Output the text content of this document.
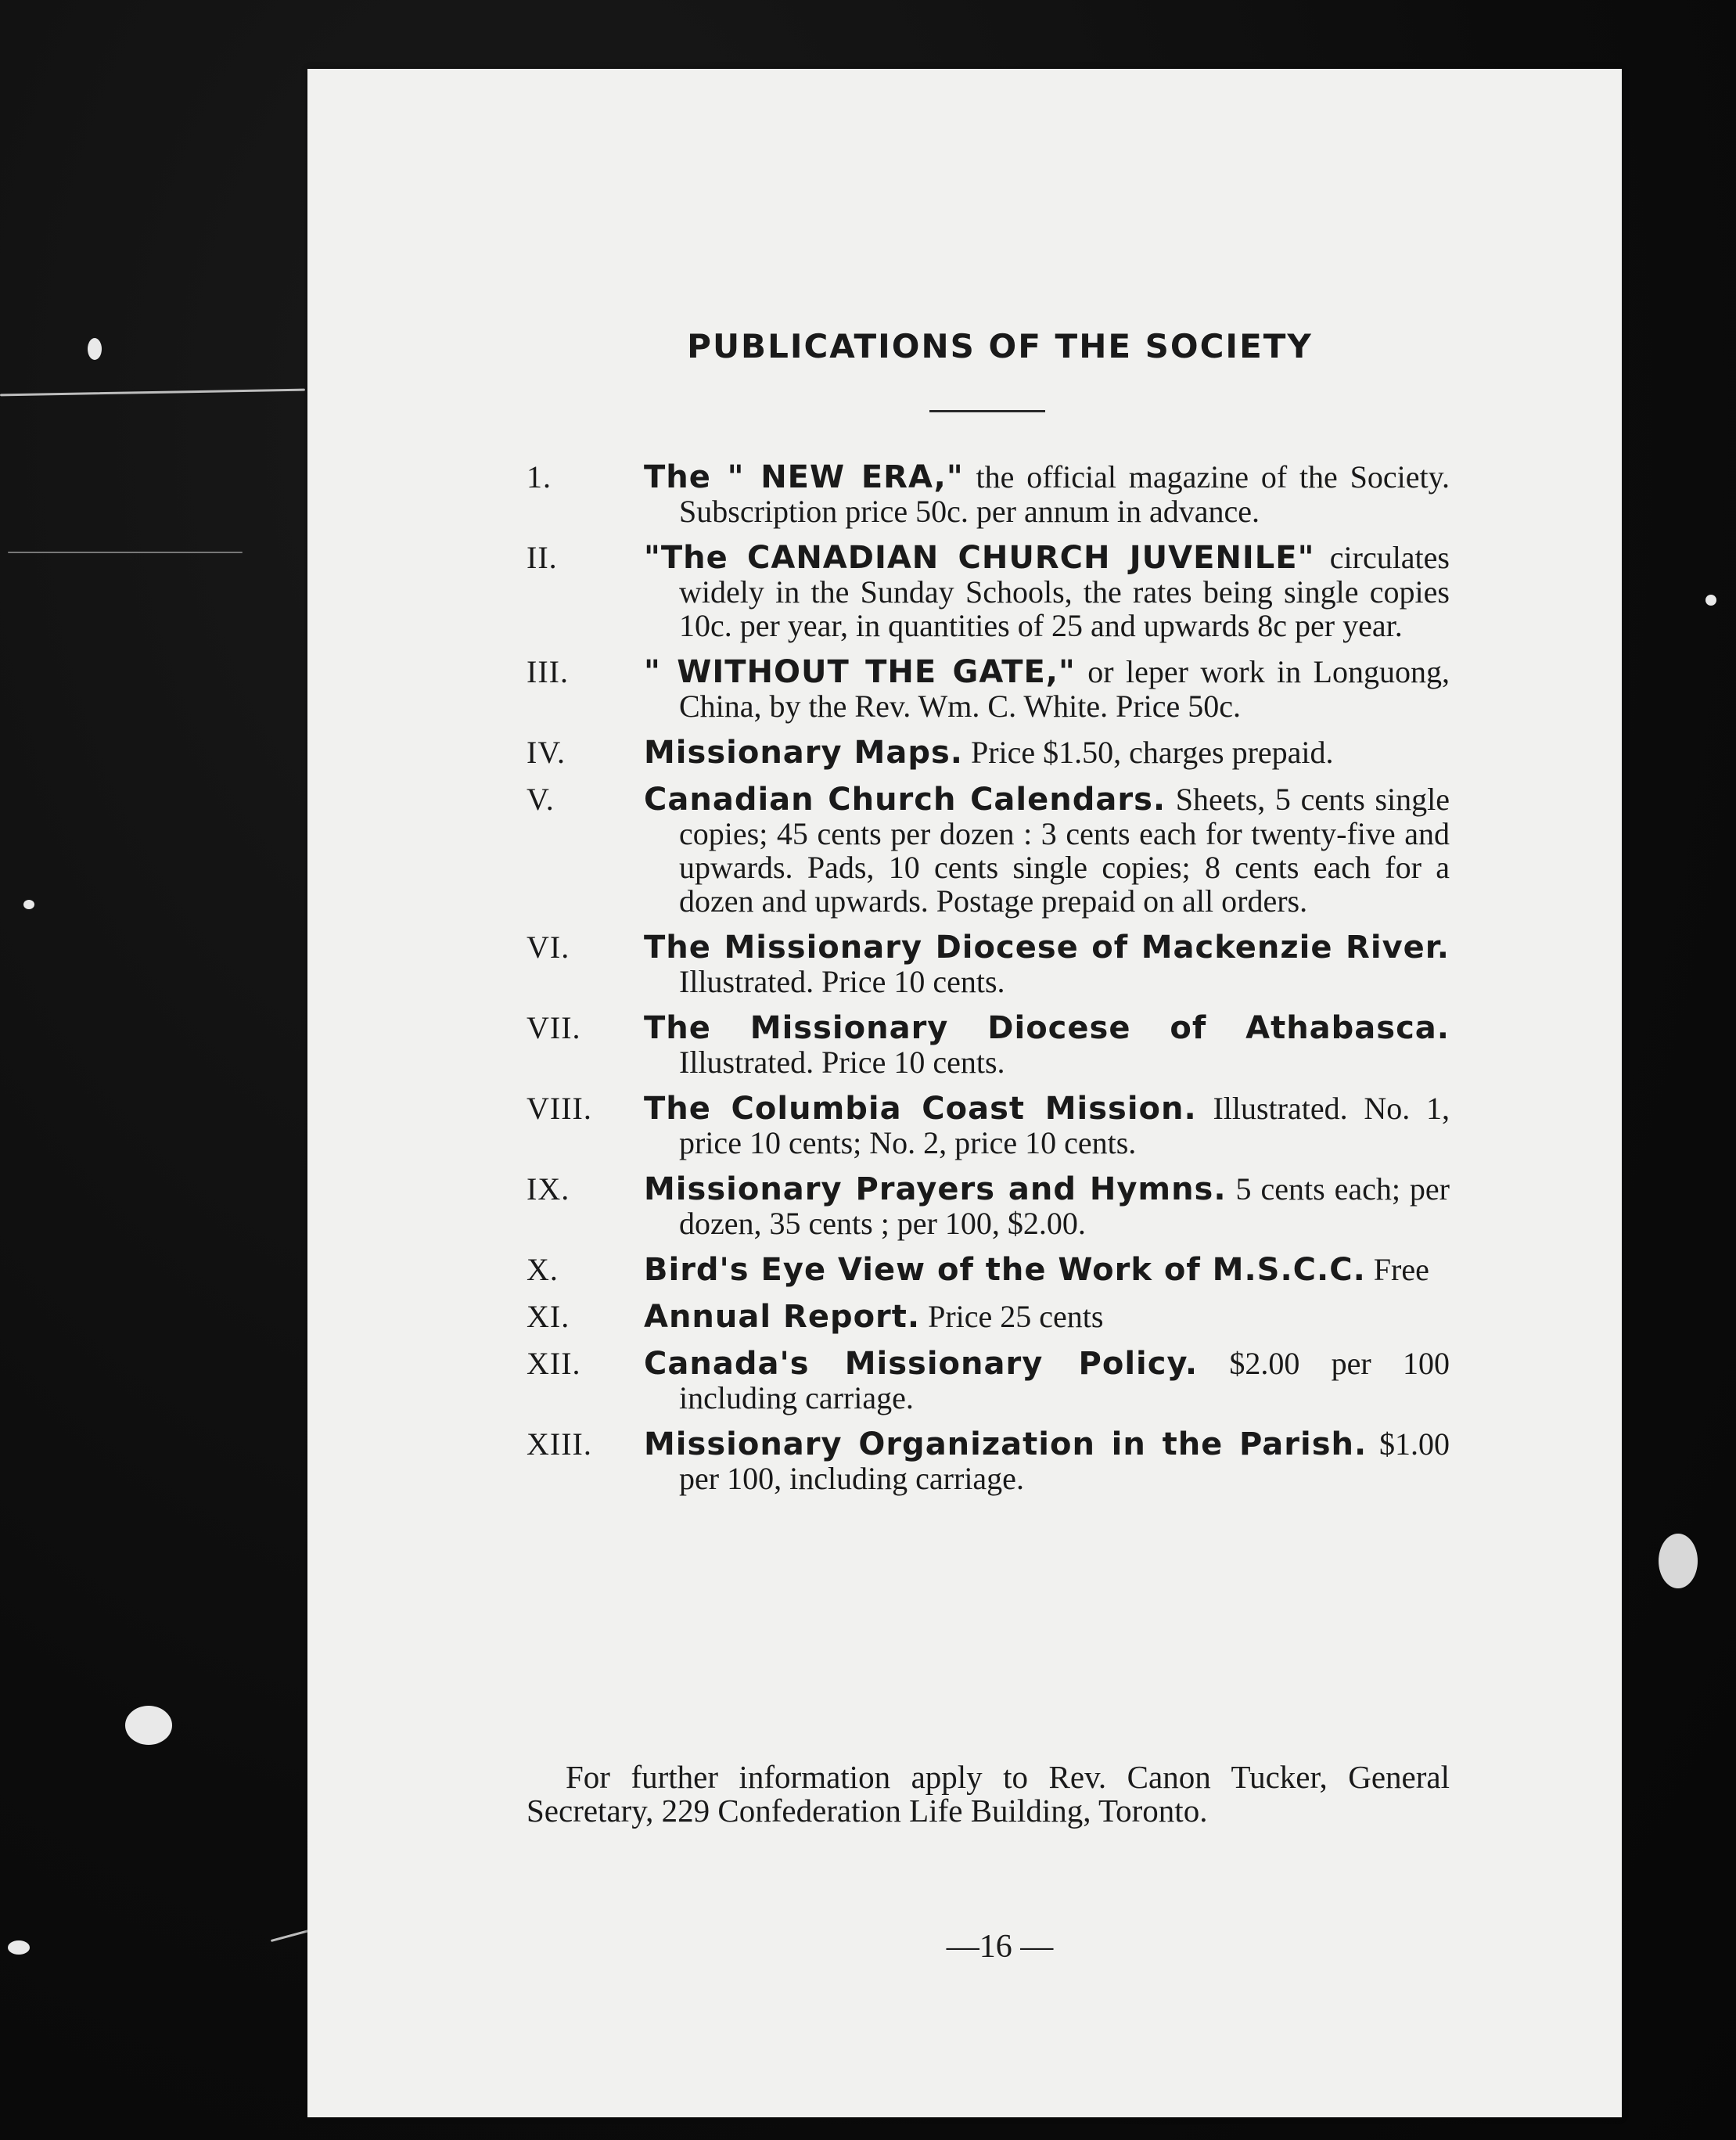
PUBLICATIONS OF THE SOCIETY
1.	The " NEW ERA," the official magazine of the Society. Subscription price 50c. per annum in advance.
II.	"The CANADIAN CHURCH JUVENILE" circulates widely in the Sunday Schools, the rates being single copies 10c. per year, in quantities of 25 and upwards 8c per year.
III. " WITHOUT THE GATE," or leper work in Longuong, China, by the Rev. Wm. C. White. Price 50c.
IV. Missionary Maps. Price $1.50, charges prepaid.
V.	Canadian Church Calendars. Sheets, 5 cents single copies; 45 cents per dozen : 3 cents each for twenty-five and upwards. Pads, 10 cents single copies; 8 cents each for a dozen and upwards. Postage prepaid on all orders.
VI. The Missionary Diocese of Mackenzie River. Illustrated. Price 10 cents.
VII. The Missionary Diocese of Athabasca. Illustrated. Price 10 cents.
VIII. The Columbia Coast Mission. Illustrated. No. 1, price 10 cents; No. 2, price 10 cents.
IX. Missionary Prayers and Hymns. 5 cents each; per dozen, 35 cents ; per 100, $2.00.
X.	Bird's Eye View of the Work of M.S.C.C. Free
XI. Annual Report. Price 25 cents
XII. Canada's Missionary Policy. $2.00 per 100 including carriage.
XIII. Missionary Organization in the Parish. $1.00 per 100, including carriage.
For further information apply to Rev. Canon Tucker, General Secretary, 229 Confederation Life Building, Toronto.
—16 —
